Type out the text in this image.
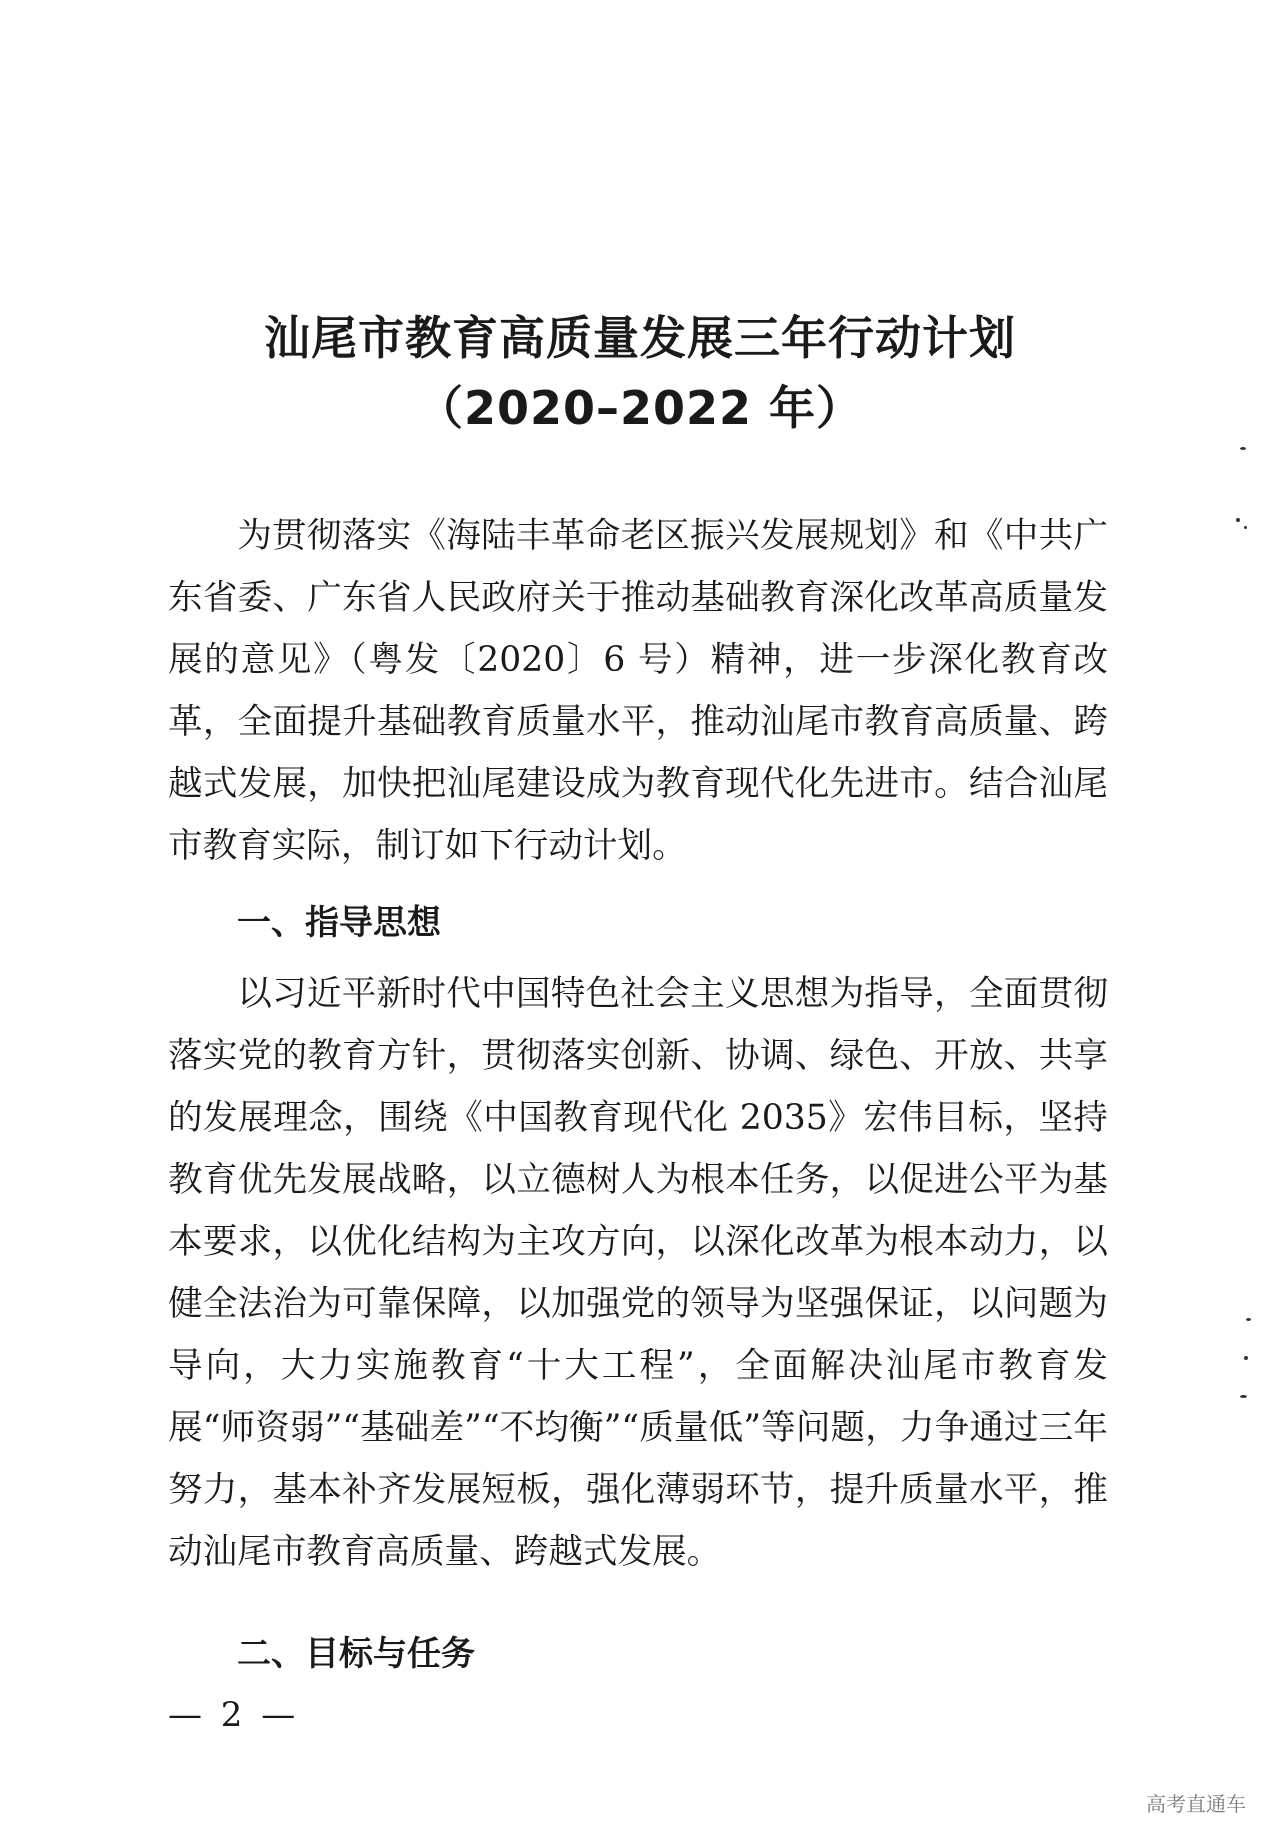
汕尾市教育高质量发展三年行动计划
（2020–2022 年）

为贯彻落实《海陆丰革命老区振兴发展规划》和《中共广东省委、广东省人民政府关于推动基础教育深化改革高质量发展的意见》（粤发〔2020〕6 号）精神，进一步深化教育改革，全面提升基础教育质量水平，推动汕尾市教育高质量、跨越式发展，加快把汕尾建设成为教育现代化先进市。结合汕尾市教育实际，制订如下行动计划。

一、指导思想

以习近平新时代中国特色社会主义思想为指导，全面贯彻落实党的教育方针，贯彻落实创新、协调、绿色、开放、共享的发展理念，围绕《中国教育现代化 2035》宏伟目标，坚持教育优先发展战略，以立德树人为根本任务，以促进公平为基本要求，以优化结构为主攻方向，以深化改革为根本动力，以健全法治为可靠保障，以加强党的领导为坚强保证，以问题为导向，大力实施教育“十大工程”，全面解决汕尾市教育发展“师资弱”“基础差”“不均衡”“质量低”等问题，力争通过三年努力，基本补齐发展短板，强化薄弱环节，提升质量水平，推动汕尾市教育高质量、跨越式发展。

二、目标与任务
— 2 —
高考直通车
